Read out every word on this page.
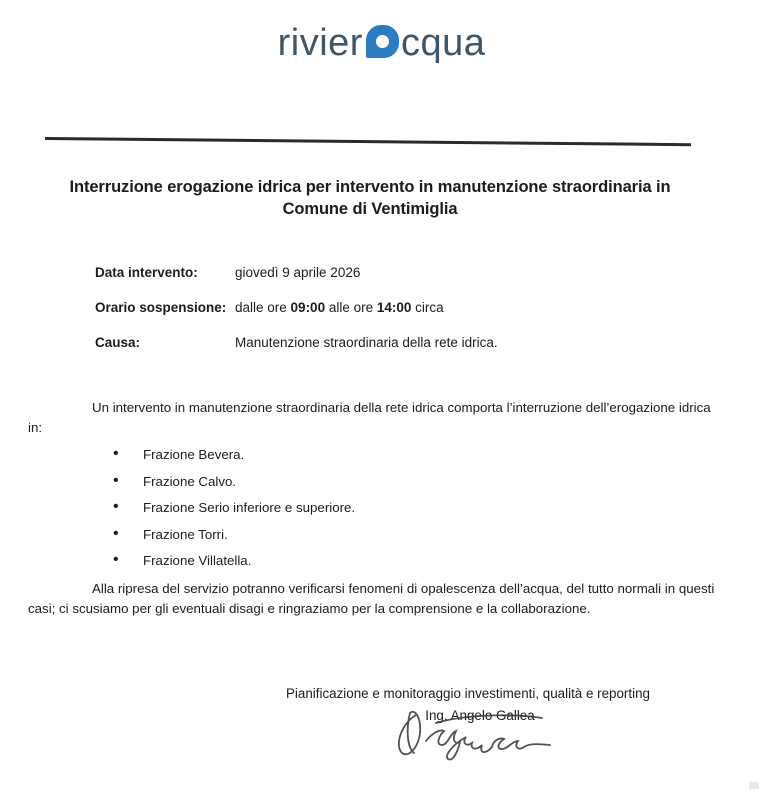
rivier cqua
Interruzione erogazione idrica per intervento in manutenzione straordinaria in Comune di Ventimiglia
Data intervento:	giovedì 9 aprile 2026
Orario sospensione: dalle ore 09:00 alle ore 14:00 circa
Causa:	Manutenzione straordinaria della rete idrica.

Un intervento in manutenzione straordinaria della rete idrica comporta l’interruzione dell’erogazione idrica in:

• Frazione Bevera.
• Frazione Calvo.
• Frazione Serio inferiore e superiore.
• Frazione Torri.
• Frazione Villatella.

Alla ripresa del servizio potranno verificarsi fenomeni di opalescenza dell’acqua, del tutto normali in questi casi; ci scusiamo per gli eventuali disagi e ringraziamo per la comprensione e la collaborazione.

Pianificazione e monitoraggio investimenti, qualità e reporting
Ing. Angelo Gallea
